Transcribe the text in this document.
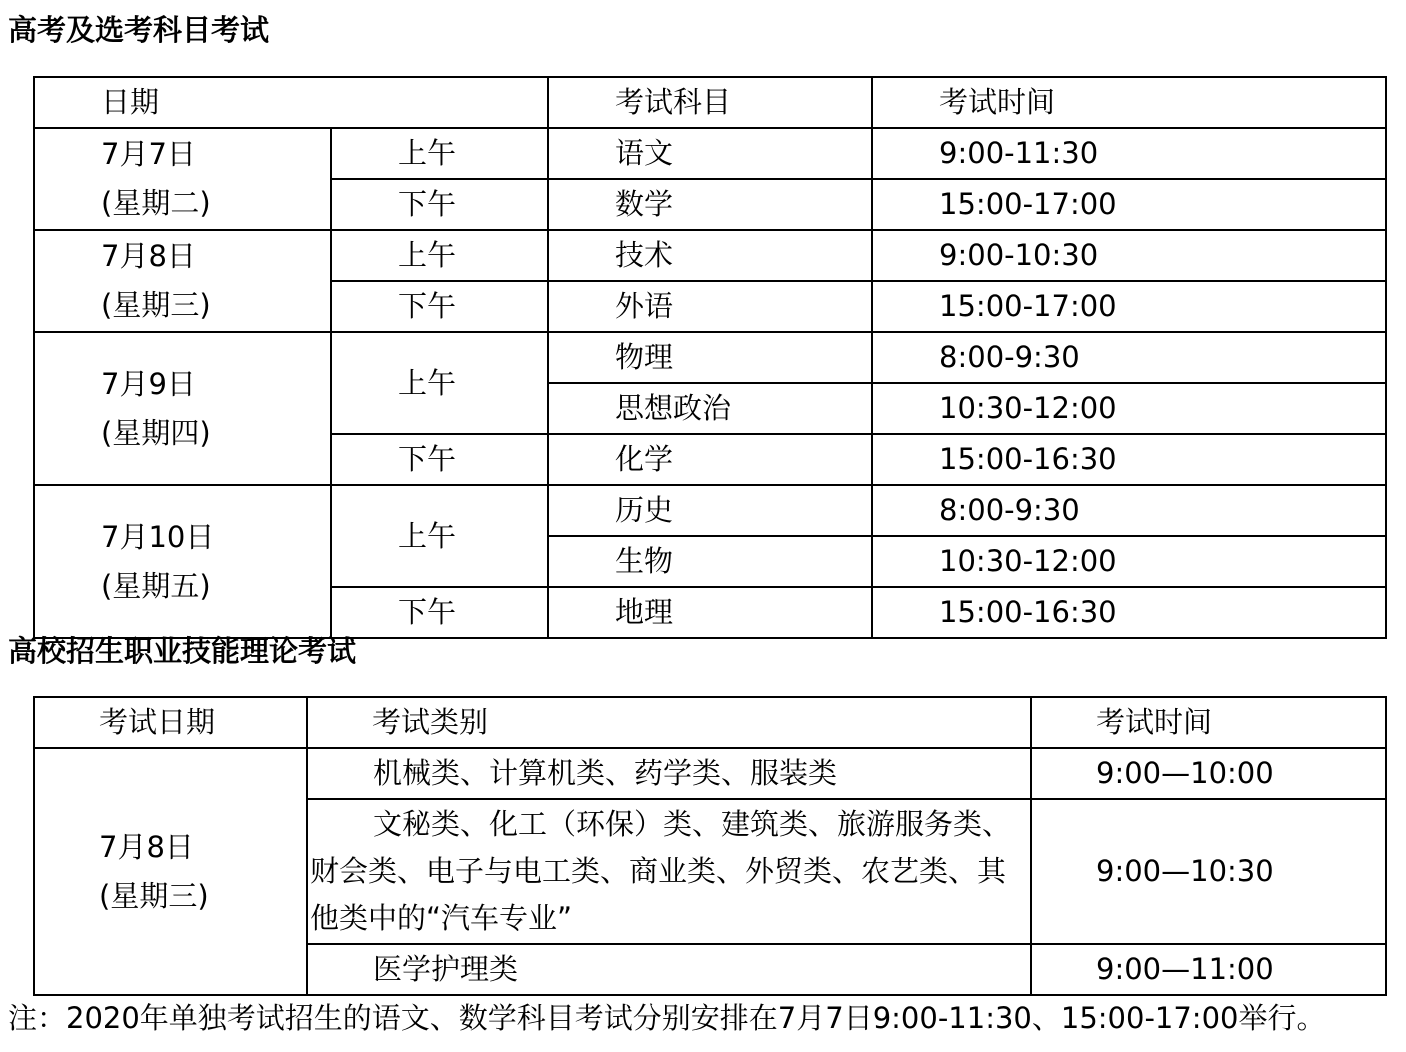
高考及选考科目考试
日期		考试科目	考试时间

7月7日
(星期二)	上午	语文	9:00-11:30
	下午	数学	15:00-17:00

7月8日
(星期三)	上午	技术	9:00-10:30
	下午	外语	15:00-17:00

7月9日
(星期四)	上午	物理	8:00-9:30
		思想政治	10:30-12:00
	下午	化学	15:00-16:30

7月10日
(星期五)	上午	历史	8:00-9:30
		生物	10:30-12:00
	下午	地理	15:00-16:30
高校招生职业技能理论考试
考试日期	考试类别	考试时间

7月8日
(星期三)	机械类、计算机类、药学类、服装类	9:00—10:00
	文秘类、化工（环保）类、建筑类、旅游服务类、财会类、电子与电工类、商业类、外贸类、农艺类、其他类中的“汽车专业”	9:00—10:30
	医学护理类	9:00—11:00

注：2020年单独考试招生的语文、数学科目考试分别安排在7月7日9:00-11:30、15:00-17:00举行。
